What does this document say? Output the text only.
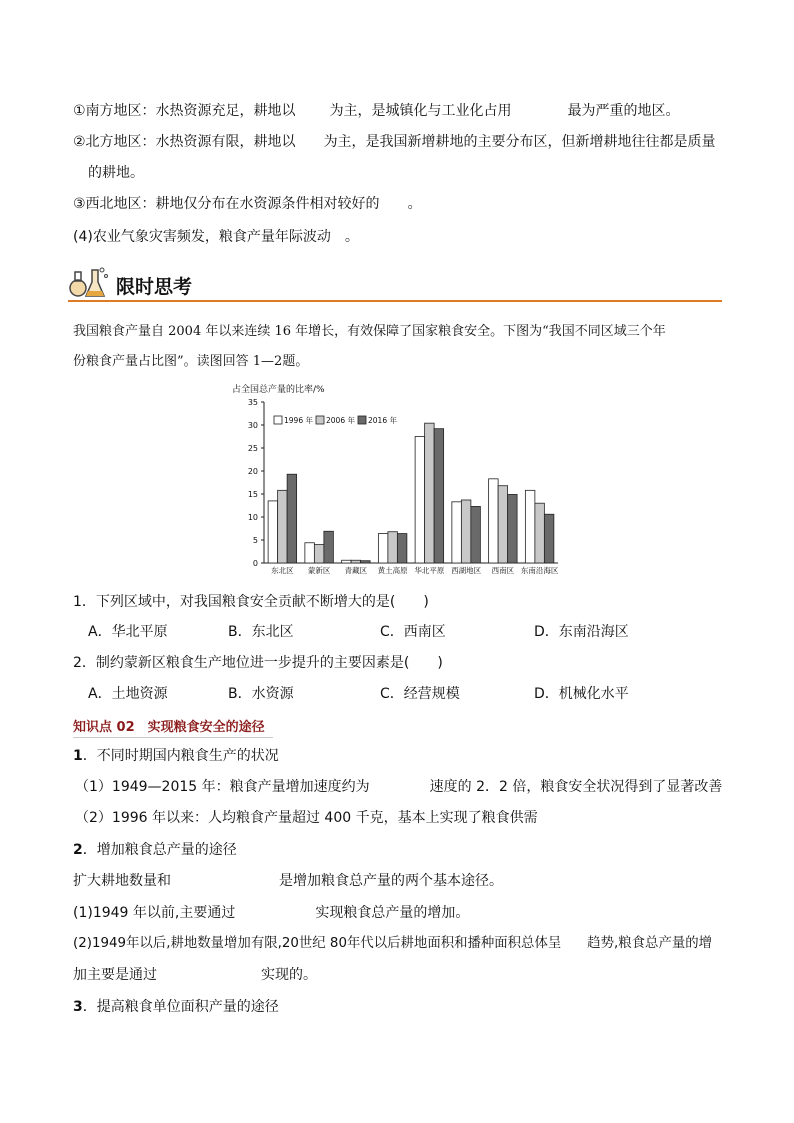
①南方地区：水热资源充足，耕地以 为主，是城镇化与工业化占用	最为严重的地区。
②北方地区：水热资源有限，耕地以 为主，是我国新增耕地的主要分布区，但新增耕地往往都是质量
的耕地。
③西北地区：耕地仅分布在水资源条件相对较好的 。
(4)农业气象灾害频发，粮食产量年际波动 。
限时思考
我国粮食产量自 2004 年以来连续 16 年增长，有效保障了国家粮食安全。下图为“我国不同区域三个年
份粮食产量占比图”。读图回答 1—2题。
占全国总产量的比率/%
0
5
10
15
20
25
30
35
东北区 蒙新区 青藏区 黄土高原 华北平原 西湖地区 西南区 东南沿海区
1996 年 2006 年 2016 年
1．下列区域中，对我国粮食安全贡献不断增大的是(　　)
A．华北平原	B．东北区	C．西南区	D．东南沿海区
2．制约蒙新区粮食生产地位进一步提升的主要因素是(　　)
A．土地资源	B．水资源	C．经营规模	D．机械化水平
知识点 02　实现粮食安全的途径
1．不同时期国内粮食生产的状况
（1）1949—2015 年：粮食产量增加速度约为	速度的 2．2 倍，粮食安全状况得到了显著改善
（2）1996 年以来：人均粮食产量超过 400 千克，基本上实现了粮食供需
2．增加粮食总产量的途径
扩大耕地数量和	是增加粮食总产量的两个基本途径。
(1)1949 年以前,主要通过	实现粮食总产量的增加。
(2)1949年以后,耕地数量增加有限,20世纪 80年代以后耕地面积和播种面积总体呈 趋势,粮食总产量的增
加主要是通过	实现的。
3．提高粮食单位面积产量的途径
